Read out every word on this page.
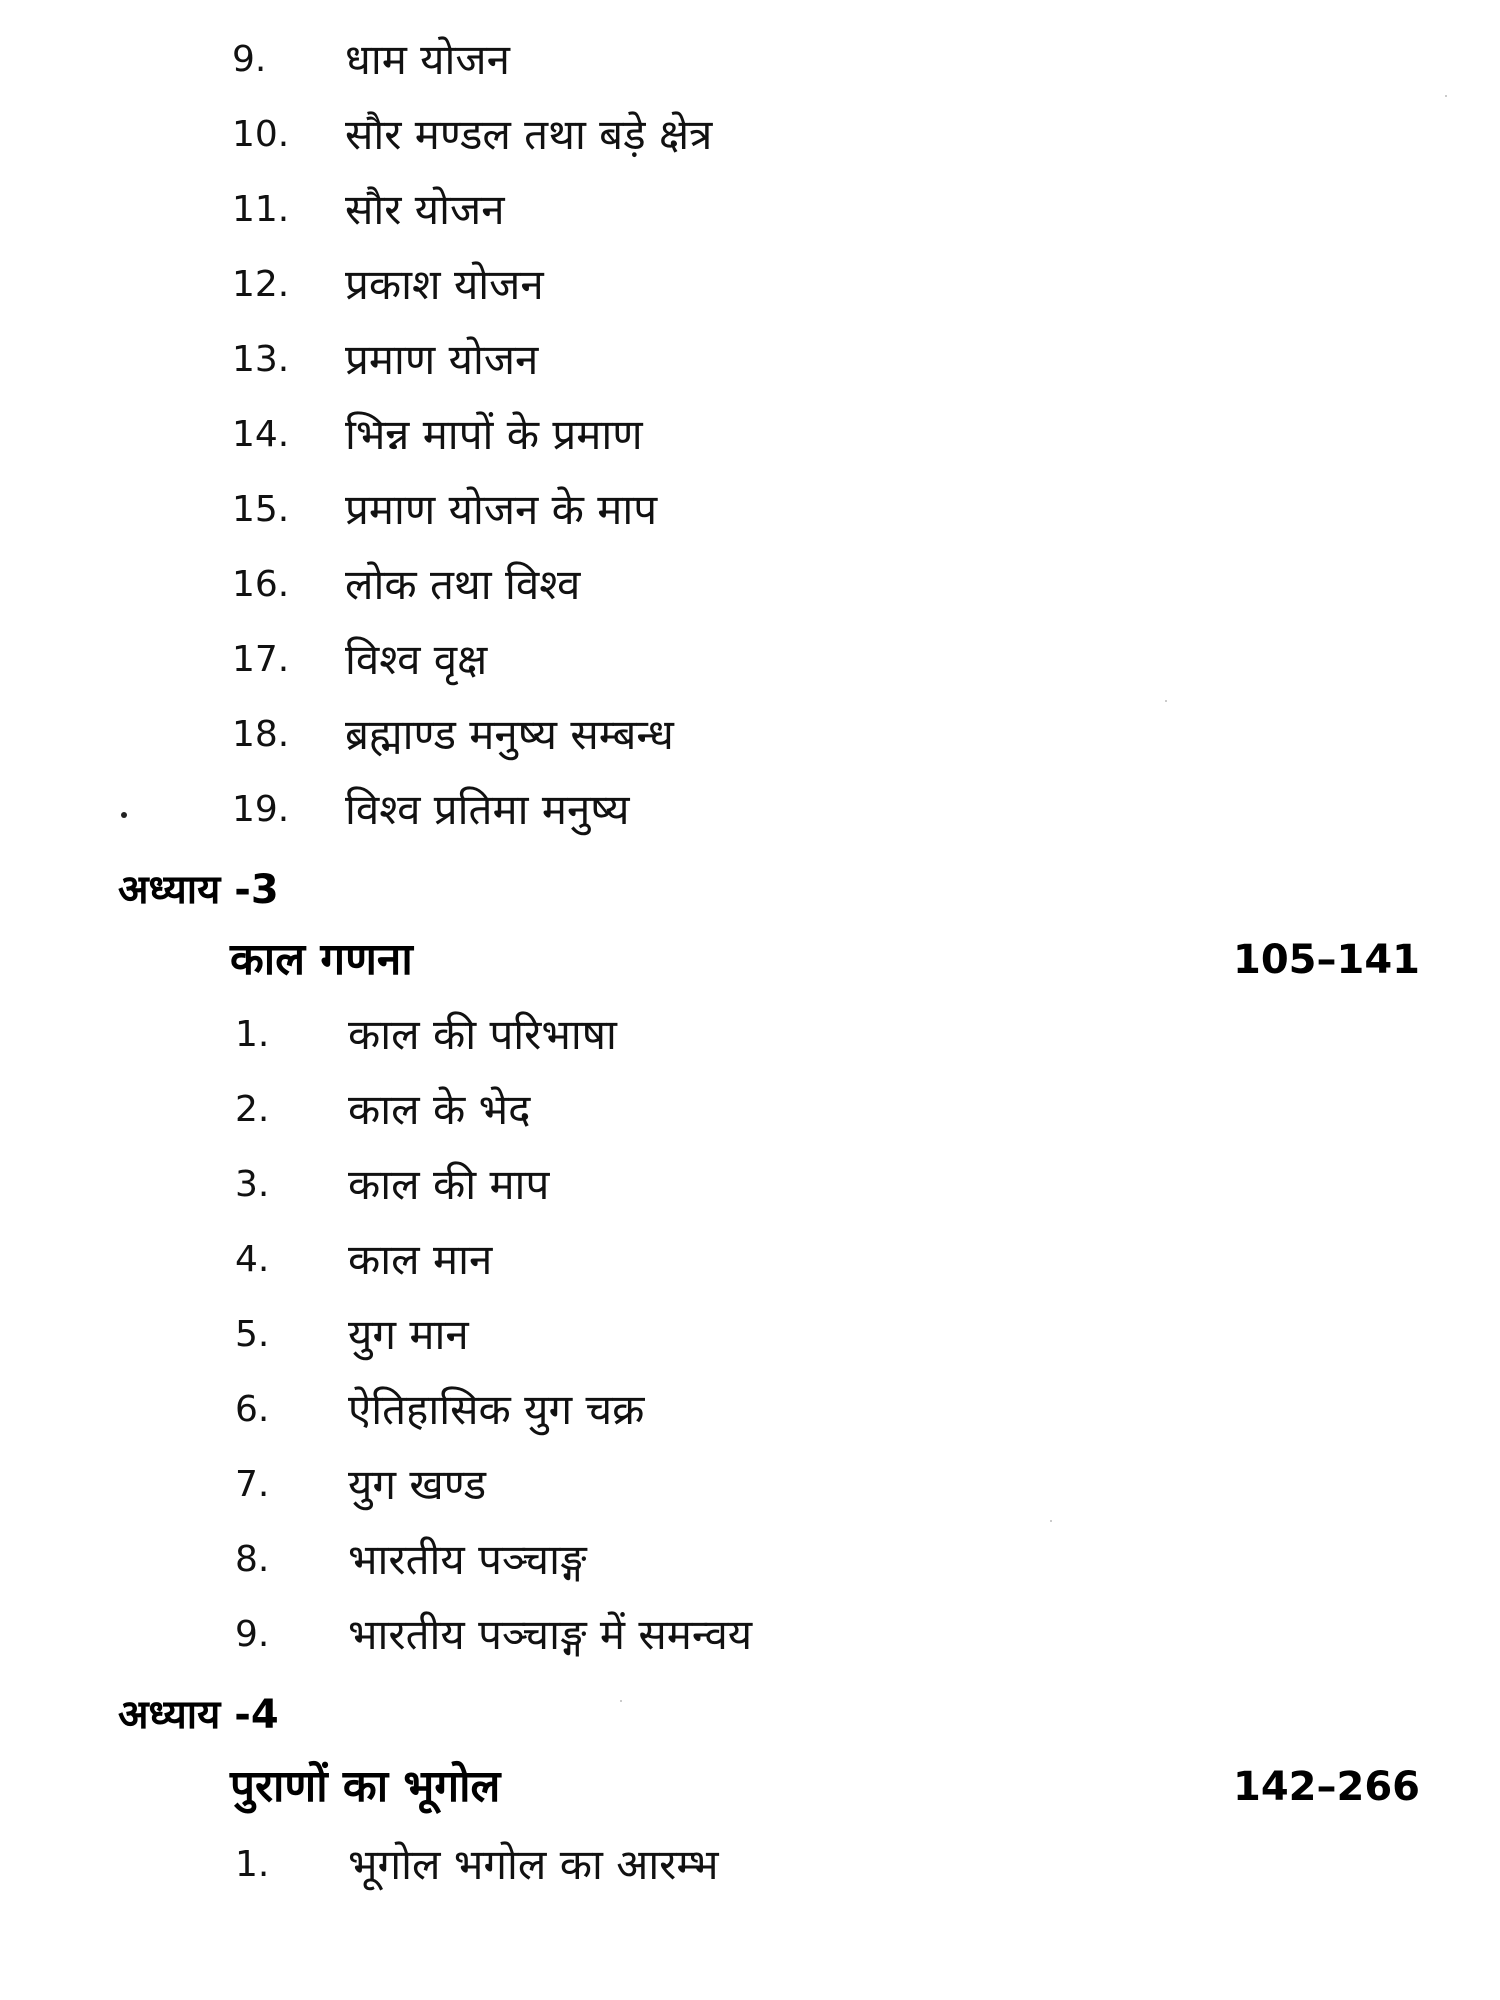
9. धाम योजन
10. सौर मण्डल तथा बड़े क्षेत्र
11. सौर योजन
12. प्रकाश योजन
13. प्रमाण योजन
14. भिन्न मापों के प्रमाण
15. प्रमाण योजन के माप
16. लोक तथा विश्व
17. विश्व वृक्ष
18. ब्रह्माण्ड मनुष्य सम्बन्ध
19. विश्व प्रतिमा मनुष्य
अध्याय -3
काल गणना	105–141
1. काल की परिभाषा
2. काल के भेद
3. काल की माप
4. काल मान
5. युग मान
6. ऐतिहासिक युग चक्र
7. युग खण्ड
8. भारतीय पञ्चाङ्ग
9. भारतीय पञ्चाङ्ग में समन्वय
अध्याय -4
पुराणों का भूगोल	142–266
1. भूगोल भगोल का आरम्भ
